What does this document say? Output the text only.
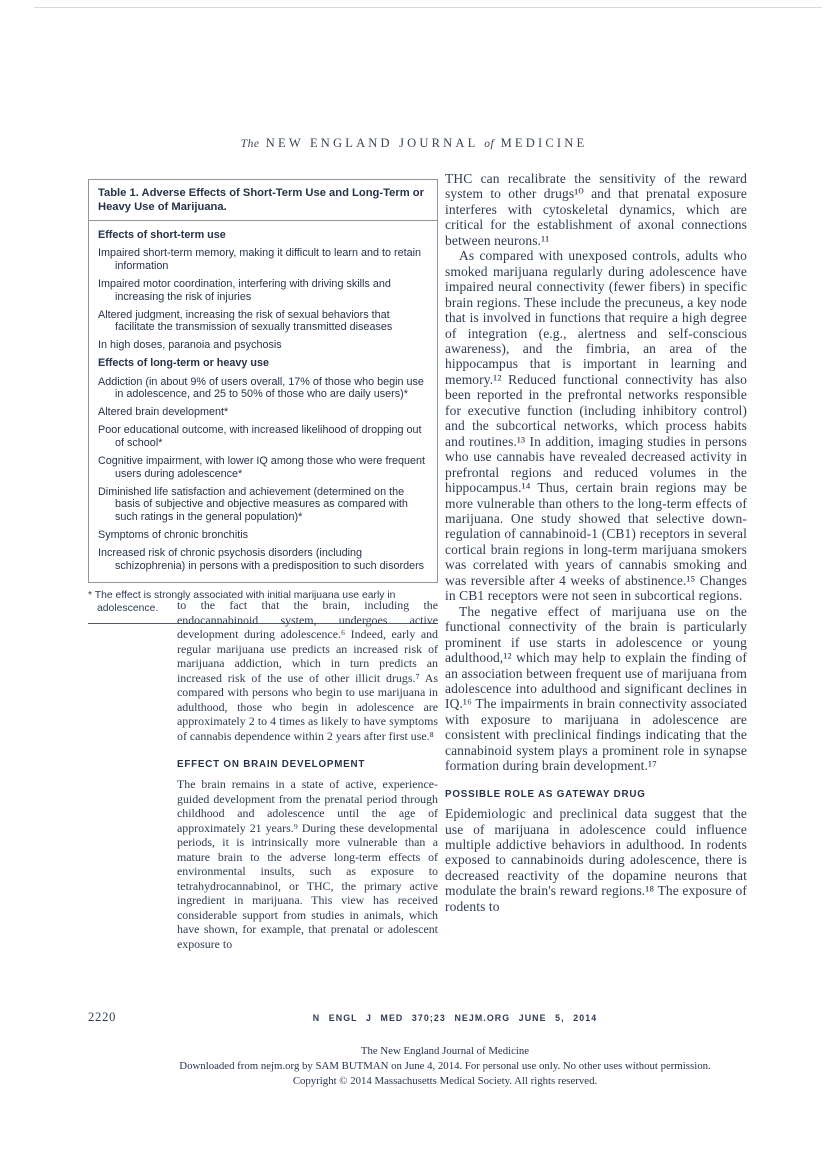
The NEW ENGLAND JOURNAL of MEDICINE
Table 1. Adverse Effects of Short-Term Use and Long-Term or Heavy Use of Marijuana.
Effects of short-term use
Impaired short-term memory, making it difficult to learn and to retain information
Impaired motor coordination, interfering with driving skills and increasing the risk of injuries
Altered judgment, increasing the risk of sexual behaviors that facilitate the transmission of sexually transmitted diseases
In high doses, paranoia and psychosis
Effects of long-term or heavy use
Addiction (in about 9% of users overall, 17% of those who begin use in adolescence, and 25 to 50% of those who are daily users)*
Altered brain development*
Poor educational outcome, with increased likelihood of dropping out of school*
Cognitive impairment, with lower IQ among those who were frequent users during adolescence*
Diminished life satisfaction and achievement (determined on the basis of subjective and objective measures as compared with such ratings in the general population)*
Symptoms of chronic bronchitis
Increased risk of chronic psychosis disorders (including schizophrenia) in persons with a predisposition to such disorders
* The effect is strongly associated with initial marijuana use early in adolescence.	to the fact that the brain, including the endocannabinoid system, undergoes active development during adolescence.⁶ Indeed, early and regular marijuana use predicts an increased risk of marijuana addiction, which in turn predicts an increased risk of the use of other illicit drugs.⁷ As compared with persons who begin to use marijuana in adulthood, those who begin in adolescence are approximately 2 to 4 times as likely to have symptoms of cannabis dependence within 2 years after first use.⁸

EFFECT ON BRAIN DEVELOPMENT

The brain remains in a state of active, experience-guided development from the prenatal period through childhood and adolescence until the age of approximately 21 years.⁹ During these developmental periods, it is intrinsically more vulnerable than a mature brain to the adverse long-term effects of environmental insults, such as exposure to tetrahydrocannabinol, or THC, the primary active ingredient in marijuana. This view has received considerable support from studies in animals, which have shown, for example, that prenatal or adolescent exposure to

THC can recalibrate the sensitivity of the reward system to other drugs¹⁰ and that prenatal exposure interferes with cytoskeletal dynamics, which are critical for the establishment of axonal connections between neurons.¹¹

As compared with unexposed controls, adults who smoked marijuana regularly during adolescence have impaired neural connectivity (fewer fibers) in specific brain regions. These include the precuneus, a key node that is involved in functions that require a high degree of integration (e.g., alertness and self-conscious awareness), and the fimbria, an area of the hippocampus that is important in learning and memory.¹² Reduced functional connectivity has also been reported in the prefrontal networks responsible for executive function (including inhibitory control) and the subcortical networks, which process habits and routines.¹³ In addition, imaging studies in persons who use cannabis have revealed decreased activity in prefrontal regions and reduced volumes in the hippocampus.¹⁴ Thus, certain brain regions may be more vulnerable than others to the long-term effects of marijuana. One study showed that selective down-regulation of cannabinoid-1 (CB1) receptors in several cortical brain regions in long-term marijuana smokers was correlated with years of cannabis smoking and was reversible after 4 weeks of abstinence.¹⁵ Changes in CB1 receptors were not seen in subcortical regions.

The negative effect of marijuana use on the functional connectivity of the brain is particularly prominent if use starts in adolescence or young adulthood,¹² which may help to explain the finding of an association between frequent use of marijuana from adolescence into adulthood and significant declines in IQ.¹⁶ The impairments in brain connectivity associated with exposure to marijuana in adolescence are consistent with preclinical findings indicating that the cannabinoid system plays a prominent role in synapse formation during brain development.¹⁷

POSSIBLE ROLE AS GATEWAY DRUG

Epidemiologic and preclinical data suggest that the use of marijuana in adolescence could influence multiple addictive behaviors in adulthood. In rodents exposed to cannabinoids during adolescence, there is decreased reactivity of the dopamine neurons that modulate the brain's reward regions.¹⁸ The exposure of rodents to

2220	N ENGL J MED 370;23 NEJM.ORG JUNE 5, 2014
The New England Journal of Medicine
Downloaded from nejm.org by SAM BUTMAN on June 4, 2014. For personal use only. No other uses without permission.
Copyright © 2014 Massachusetts Medical Society. All rights reserved.
